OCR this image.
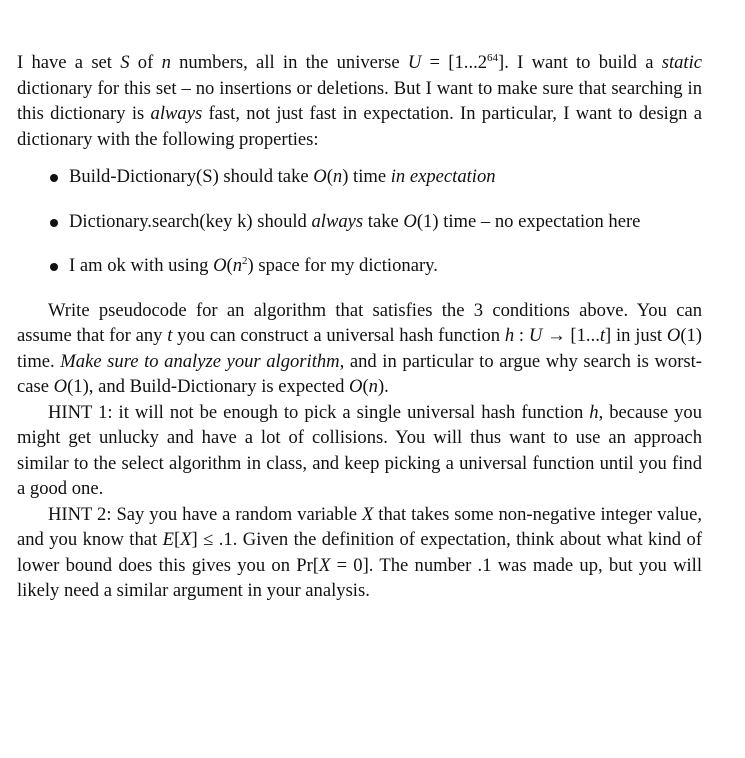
I have a set S of n numbers, all in the universe $U = [1...2^{64}]$. I want to build a static dictionary for this set – no insertions or deletions. But I want to make sure that searching in this dictionary is always fast, not just fast in expectation. In particular, I want to design a dictionary with the following properties:

Build-Dictionary(S) should take O(n) time in expectation
Dictionary.search(key k) should always take O(1) time – no expectation here
I am ok with using $O(n^2)$ space for my dictionary.

Write pseudocode for an algorithm that satisfies the 3 conditions above. You can assume that for any t you can construct a universal hash function h : U → [1...t] in just O(1) time. Make sure to analyze your algorithm, and in particular to argue why search is worst-case O(1), and Build-Dictionary is expected O(n).

HINT 1: it will not be enough to pick a single universal hash function h, because you might get unlucky and have a lot of collisions. You will thus want to use an approach similar to the select algorithm in class, and keep picking a universal function until you find a good one.

HINT 2: Say you have a random variable X that takes some non-negative integer value, and you know that E[X] ≤ .1. Given the definition of expectation, think about what kind of lower bound does this gives you on Pr[X = 0]. The number .1 was made up, but you will likely need a similar argument in your analysis.
